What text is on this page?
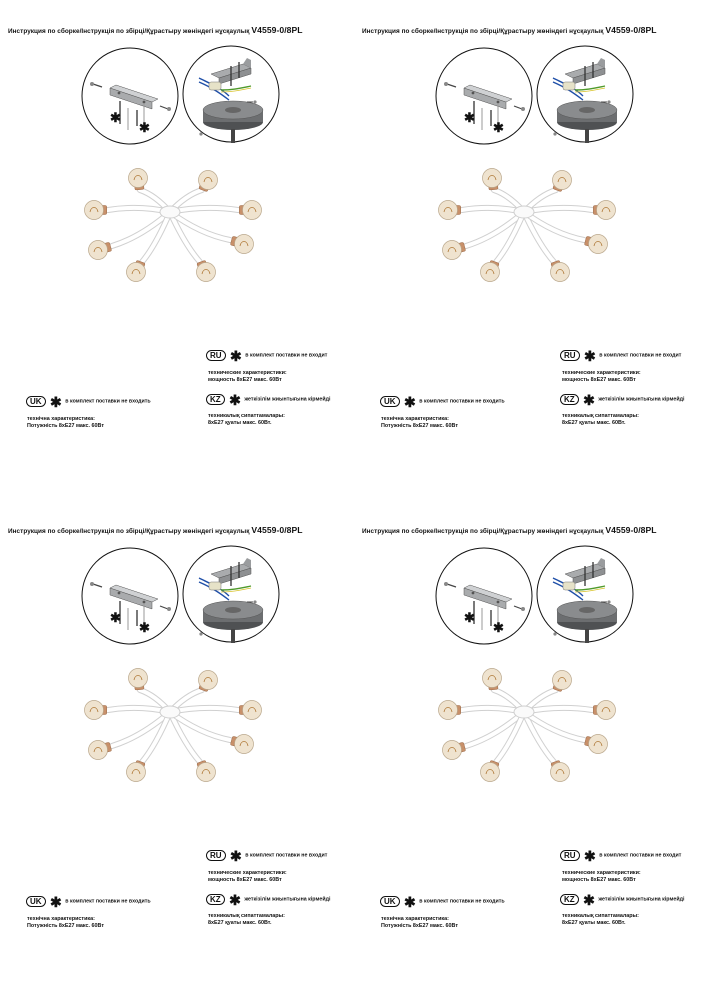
Инструкция по сборке/Інструкція по збірці/Құрастыру жөніндегі нұсқаулық V4559-0/8PL
✱
✱
RU ✱ в комплект поставки не входит
технические характеристики:
мощность 8xE27 макс. 60Вт
UK ✱ в комплект поставки не входить
технічна характеристика:
Потужність 8xE27 макс. 60Вт
KZ ✱ жеткізілім жиынтығына кірмейді
техникалық сипаттамалары:
8xE27 қуаты макс. 60Вт.
Инструкция по сборке/Інструкція по збірці/Құрастыру жөніндегі нұсқаулық V4559-0/8PL
✱
✱
RU ✱ в комплект поставки не входит
технические характеристики:
мощность 8xE27 макс. 60Вт
UK ✱ в комплект поставки не входить
технічна характеристика:
Потужність 8xE27 макс. 60Вт
KZ ✱ жеткізілім жиынтығына кірмейді
техникалық сипаттамалары:
8xE27 қуаты макс. 60Вт.
Инструкция по сборке/Інструкція по збірці/Құрастыру жөніндегі нұсқаулық V4559-0/8PL
✱
✱
RU ✱ в комплект поставки не входит
технические характеристики:
мощность 8xE27 макс. 60Вт
UK ✱ в комплект поставки не входить
технічна характеристика:
Потужність 8xE27 макс. 60Вт
KZ ✱ жеткізілім жиынтығына кірмейді
техникалық сипаттамалары:
8xE27 қуаты макс. 60Вт.
Инструкция по сборке/Інструкція по збірці/Құрастыру жөніндегі нұсқаулық V4559-0/8PL
✱
✱
RU ✱ в комплект поставки не входит
технические характеристики:
мощность 8xE27 макс. 60Вт
UK ✱ в комплект поставки не входить
технічна характеристика:
Потужність 8xE27 макс. 60Вт
KZ ✱ жеткізілім жиынтығына кірмейді
техникалық сипаттамалары:
8xE27 қуаты макс. 60Вт.
